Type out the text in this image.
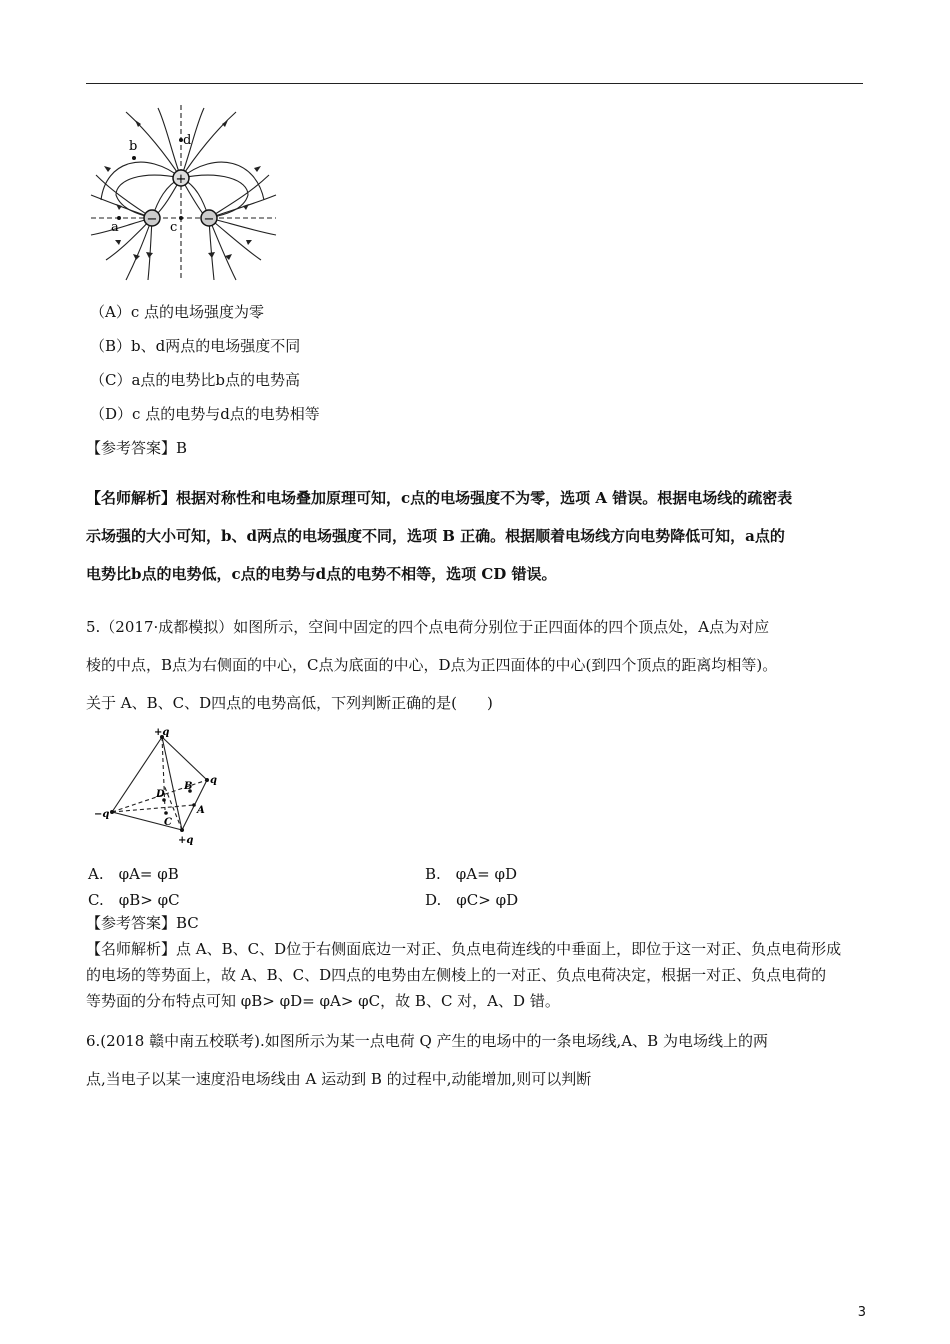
+
−	−
b	d
a	c
（A）c 点的电场强度为零
（B）b、d两点的电场强度不同
（C）a点的电势比b点的电势高
（D）c 点的电势与d点的电势相等
【参考答案】B
【名师解析】根据对称性和电场叠加原理可知，c点的电场强度不为零，选项 A 错误。根据电场线的疏密表
示场强的大小可知，b、d两点的电场强度不同，选项 B 正确。根据顺着电场线方向电势降低可知，a点的
电势比b点的电势低，c点的电势与d点的电势不相等，选项 CD 错误。
5.（2017·成都模拟）如图所示，空间中固定的四个点电荷分别位于正四面体的四个顶点处，A点为对应
棱的中点，B点为右侧面的中心，C点为底面的中心，D点为正四面体的中心(到四个顶点的距离均相等)。
关于 A、B、C、D四点的电势高低，下列判断正确的是(　　)
+q
q
−q
+q
A
B
C
D
A.　φA= φB	B.　φA= φD
C.　φB> φC	D.　φC> φD
【参考答案】BC
【名师解析】点 A、B、C、D位于右侧面底边一对正、负点电荷连线的中垂面上，即位于这一对正、负点电荷形成
的电场的等势面上，故 A、B、C、D四点的电势由左侧棱上的一对正、负点电荷决定，根据一对正、负点电荷的
等势面的分布特点可知 φB> φD= φA> φC，故 B、C 对，A、D 错。
6.(2018 赣中南五校联考).如图所示为某一点电荷 Q 产生的电场中的一条电场线,A、B 为电场线上的两
点,当电子以某一速度沿电场线由 A 运动到 B 的过程中,动能增加,则可以判断
3
